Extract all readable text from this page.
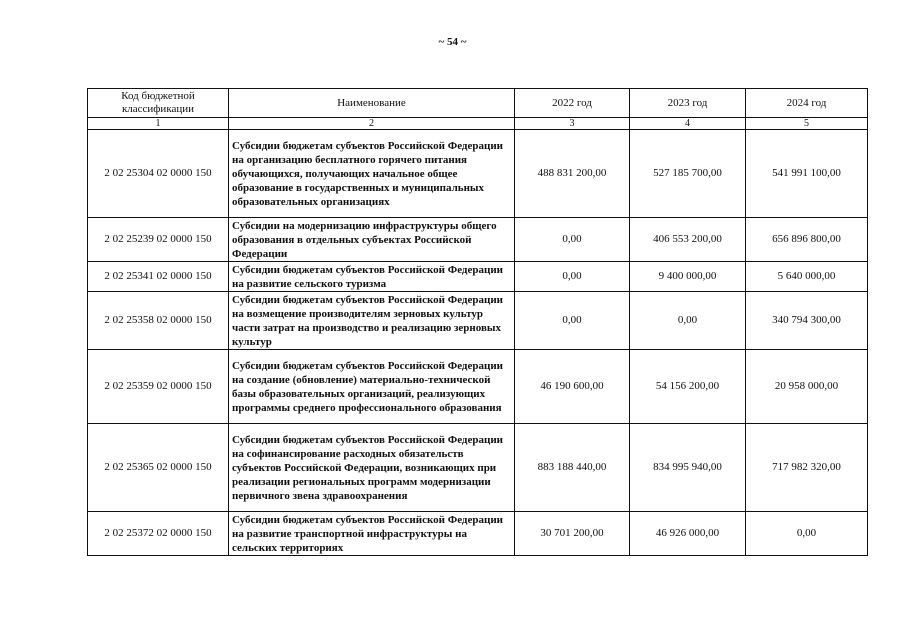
~ 54 ~
Код бюджетной классификации	Наименование	2022 год	2023 год	2024 год
1	2	3	4	5
2 02 25304 02 0000 150	Субсидии бюджетам субъектов Российской Федерации на организацию бесплатного горячего питания обучающихся, получающих начальное общее образование в государственных и муниципальных образовательных организациях	488 831 200,00	527 185 700,00	541 991 100,00
2 02 25239 02 0000 150	Субсидии на модернизацию инфраструктуры общего образования в отдельных субъектах Российской Федерации	0,00	406 553 200,00	656 896 800,00
2 02 25341 02 0000 150	Субсидии бюджетам субъектов Российской Федерации на развитие сельского туризма	0,00	9 400 000,00	5 640 000,00
2 02 25358 02 0000 150	Субсидии бюджетам субъектов Российской Федерации на возмещение производителям зерновых культур части затрат на производство и реализацию зерновых культур	0,00	0,00	340 794 300,00
2 02 25359 02 0000 150	Субсидии бюджетам субъектов Российской Федерации на создание (обновление) материально-технической базы образовательных организаций, реализующих программы среднего профессионального образования	46 190 600,00	54 156 200,00	20 958 000,00
2 02 25365 02 0000 150	Субсидии бюджетам субъектов Российской Федерации на софинансирование расходных обязательств субъектов Российской Федерации, возникающих при реализации региональных программ модернизации первичного звена здравоохранения	883 188 440,00	834 995 940,00	717 982 320,00
2 02 25372 02 0000 150	Субсидии бюджетам субъектов Российской Федерации на развитие транспортной инфраструктуры на сельских территориях	30 701 200,00	46 926 000,00	0,00
